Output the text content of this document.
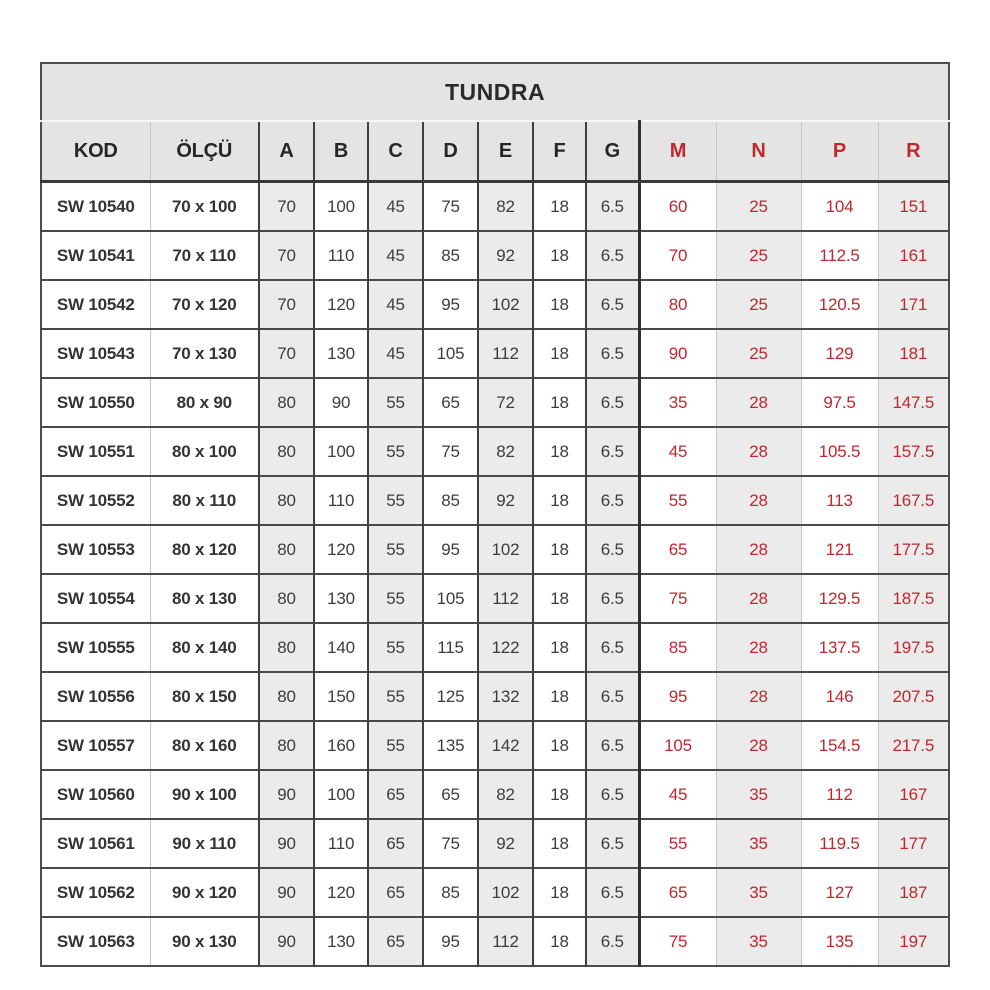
TUNDRA												
KOD	ÖLÇÜ	A	B	C	D	E	F	G	M	N	P	R
SW 10540	70 x 100	70	100	45	75	82	18	6.5	60	25	104	151
SW 10541	70 x 110	70	110	45	85	92	18	6.5	70	25	112.5	161
SW 10542	70 x 120	70	120	45	95	102	18	6.5	80	25	120.5	171
SW 10543	70 x 130	70	130	45	105	112	18	6.5	90	25	129	181
SW 10550	80 x 90	80	90	55	65	72	18	6.5	35	28	97.5	147.5
SW 10551	80 x 100	80	100	55	75	82	18	6.5	45	28	105.5	157.5
SW 10552	80 x 110	80	110	55	85	92	18	6.5	55	28	113	167.5
SW 10553	80 x 120	80	120	55	95	102	18	6.5	65	28	121	177.5
SW 10554	80 x 130	80	130	55	105	112	18	6.5	75	28	129.5	187.5
SW 10555	80 x 140	80	140	55	115	122	18	6.5	85	28	137.5	197.5
SW 10556	80 x 150	80	150	55	125	132	18	6.5	95	28	146	207.5
SW 10557	80 x 160	80	160	55	135	142	18	6.5	105	28	154.5	217.5
SW 10560	90 x 100	90	100	65	65	82	18	6.5	45	35	112	167
SW 10561	90 x 110	90	110	65	75	92	18	6.5	55	35	119.5	177
SW 10562	90 x 120	90	120	65	85	102	18	6.5	65	35	127	187
SW 10563	90 x 130	90	130	65	95	112	18	6.5	75	35	135	197
